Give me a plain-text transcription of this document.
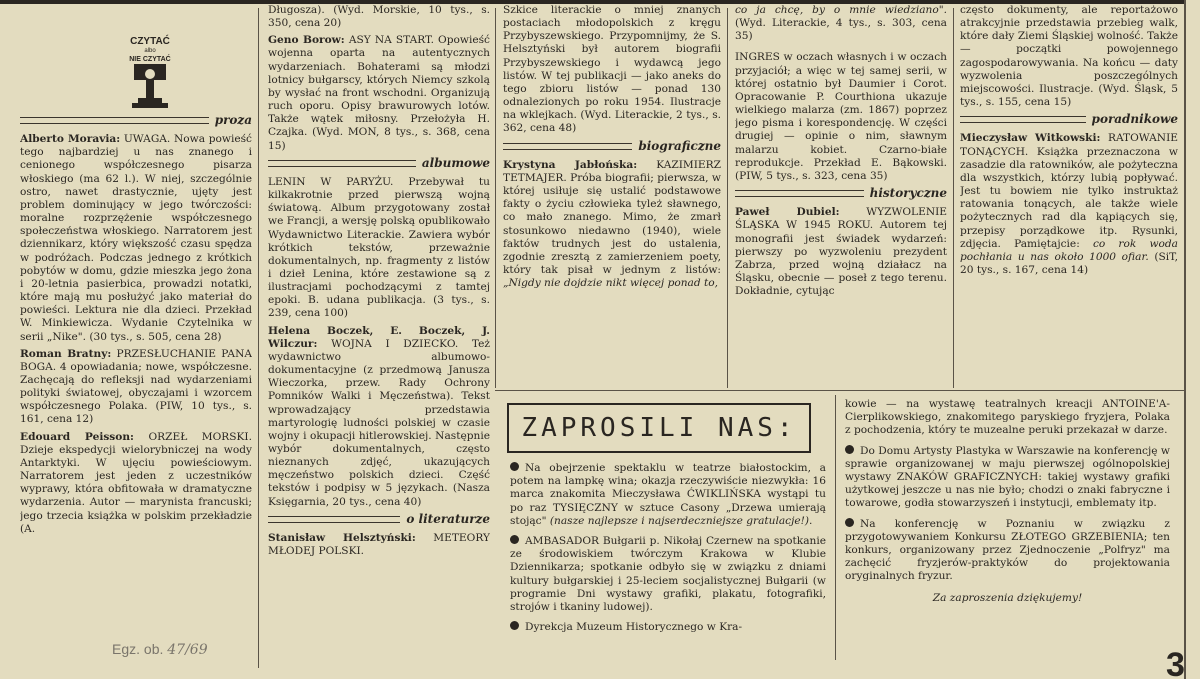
CZYTAĆ
albo
NIE CZYTAĆ
proza

Alberto Moravia: UWAGA. Nowa powieść tego najbardziej u nas znanego i cenionego współczesnego pisarza włoskiego (ma 62 l.). W niej, szczególnie ostro, nawet drastycznie, ujęty jest problem dominujący w jego twórczości: moralne rozprzężenie współczesnego społeczeństwa włoskiego. Narratorem jest dziennikarz, który większość czasu spędza w podróżach. Podczas jednego z krótkich pobytów w domu, gdzie mieszka jego żona i 20-letnia pasierbica, prowadzi notatki, które mają mu posłużyć jako materiał do powieści. Lektura nie dla dzieci. Przekład W. Minkiewicza. Wydanie Czytelnika w serii „Nike". (30 tys., s. 505, cena 28)

Roman Bratny: PRZESŁUCHANIE PANA BOGA. 4 opowiadania; nowe, współczesne. Zachęcają do refleksji nad wydarzeniami polityki światowej, obyczajami i wzorcem współczesnego Polaka. (PIW, 10 tys., s. 161, cena 12)

Edouard Peisson: ORZEŁ MORSKI. Dzieje ekspedycji wielorybniczej na wody Antarktyki. W ujęciu powieściowym. Narratorem jest jeden z uczestników wyprawy, która obfitowała w dramatyczne wydarzenia. Autor — marynista francuski; jego trzecia książka w polskim przekładzie (A.

Długosza). (Wyd. Morskie, 10 tys., s. 350, cena 20)

Geno Borow: ASY NA START. Opowieść wojenna oparta na autentycznych wydarzeniach. Bohaterami są młodzi lotnicy bułgarscy, których Niemcy szkolą by wysłać na front wschodni. Organizują ruch oporu. Opisy brawurowych lotów. Także wątek miłosny. Przełożyła H. Czajka. (Wyd. MON, 8 tys., s. 368, cena 15)

albumowe

LENIN W PARYŻU. Przebywał tu kilkakrotnie przed pierwszą wojną światową. Album przygotowany został we Francji, a wersję polską opublikowało Wydawnictwo Literackie. Zawiera wybór krótkich tekstów, przeważnie dokumentalnych, np. fragmenty z listów i dzieł Lenina, które zestawione są z ilustracjami pochodzącymi z tamtej epoki. B. udana publikacja. (3 tys., s. 239, cena 100)

Helena Boczek, E. Boczek, J. Wilczur: WOJNA I DZIECKO. Też wydawnictwo albumowo-dokumentacyjne (z przedmową Janusza Wieczorka, przew. Rady Ochrony Pomników Walki i Męczeństwa). Tekst wprowadzający przedstawia martyrologię ludności polskiej w czasie wojny i okupacji hitlerowskiej. Następnie wybór dokumentalnych, często nieznanych zdjęć, ukazujących męczeństwo polskich dzieci. Część tekstów i podpisy w 5 językach. (Nasza Księgarnia, 20 tys., cena 40)

o literaturze

Stanisław Helsztyński: METEORY MŁODEJ POLSKI.

Szkice literackie o mniej znanych postaciach młodopolskich z kręgu Przybyszewskiego. Przypomnijmy, że S. Helsztyński był autorem biografii Przybyszewskiego i wydawcą jego listów. W tej publikacji — jako aneks do tego zbioru listów — ponad 130 odnalezionych po roku 1954. Ilustracje na wklejkach. (Wyd. Literackie, 2 tys., s. 362, cena 48)

biograficzne

Krystyna Jabłońska: KAZIMIERZ TETMAJER. Próba biografii; pierwsza, w której usiłuje się ustalić podstawowe fakty o życiu człowieka tyleż sławnego, co mało znanego. Mimo, że zmarł stosunkowo niedawno (1940), wiele faktów trudnych jest do ustalenia, zgodnie zresztą z zamierzeniem poety, który tak pisał w jednym z listów: „Nigdy nie dojdzie nikt więcej ponad to,

co ja chcę, by o mnie wiedziano". (Wyd. Literackie, 4 tys., s. 303, cena 35)

INGRES w oczach własnych i w oczach przyjaciół; a więc w tej samej serii, w której ostatnio był Daumier i Corot. Opracowanie P. Courthiona ukazuje wielkiego malarza (zm. 1867) poprzez jego pisma i korespondencję. W części drugiej — opinie o nim, sławnym malarzu kobiet. Czarno-białe reprodukcje. Przekład E. Bąkowski. (PIW, 5 tys., s. 323, cena 35)

historyczne

Paweł Dubiel:	WYZWOLENIE ŚLĄSKA W 1945 ROKU. Autorem tej monografii jest świadek wydarzeń: pierwszy po wyzwoleniu prezydent Zabrza, przed wojną działacz na Śląsku, obecnie — poseł z tego terenu. Dokładnie, cytując

często dokumenty, ale reportażowo atrakcyjnie przedstawia przebieg walk, które dały Ziemi Śląskiej wolność. Także — początki powojennego zagospodarowywania. Na końcu — daty wyzwolenia poszczególnych miejscowości. Ilustracje. (Wyd. Śląsk, 5 tys., s. 155, cena 15)

poradnikowe

Mieczysław Witkowski: RATOWANIE TONĄCYCH. Książka przeznaczona w zasadzie dla ratowników, ale pożyteczna dla wszystkich, którzy lubią popływać. Jest tu bowiem nie tylko instruktaż ratowania tonących, ale także wiele pożytecznych rad dla kąpiących się, przepisy porządkowe itp. Rysunki, zdjęcia. Pamiętajcie: co rok woda pochłania u nas około 1000 ofiar. (SiT, 20 tys., s. 167, cena 14)

ZAPROSILI NAS:

Na obejrzenie spektaklu w teatrze białostockim, a potem na lampkę wina; okazja rzeczywiście niezwykła: 16 marca znakomita Mieczysława ĆWIKLIŃSKA wystąpi tu po raz TYSIĘCZNY w sztuce Casony „Drzewa umierają stojąc" (nasze najlepsze i najserdeczniejsze gratulacje!).

AMBASADOR Bułgarii p. Nikołaj Czernew na spotkanie ze środowiskiem twórczym Krakowa w Klubie Dziennikarza; spotkanie odbyło się w związku z dniami kultury bułgarskiej i 25-leciem socjalistycznej Bułgarii (w programie Dni wystawy grafiki, plakatu, fotografiki, strojów i tkaniny ludowej).

Dyrekcja Muzeum Historycznego w Kra-

kowie — na wystawę teatralnych kreacji ANTOINE'A-Cierplikowskiego, znakomitego paryskiego fryzjera, Polaka z pochodzenia, który te muzealne peruki przekazał w darze.

Do Domu Artysty Plastyka w Warszawie na konferencję w sprawie organizowanej w maju pierwszej ogólnopolskiej wystawy ZNAKÓW GRAFICZNYCH: takiej wystawy grafiki użytkowej jeszcze u nas nie było; chodzi o znaki fabryczne i towarowe, godła stowarzyszeń i instytucji, emblematy itp.

Na konferencję w Poznaniu w związku z przygotowywaniem Konkursu ZŁOTEGO GRZEBIENIA; ten konkurs, organizowany przez Zjednoczenie „Polfryz" ma zachęcić fryzjerów-praktyków do projektowania oryginalnych fryzur.

Za zaproszenia dziękujemy!
Egz. ob. 47/69	3
